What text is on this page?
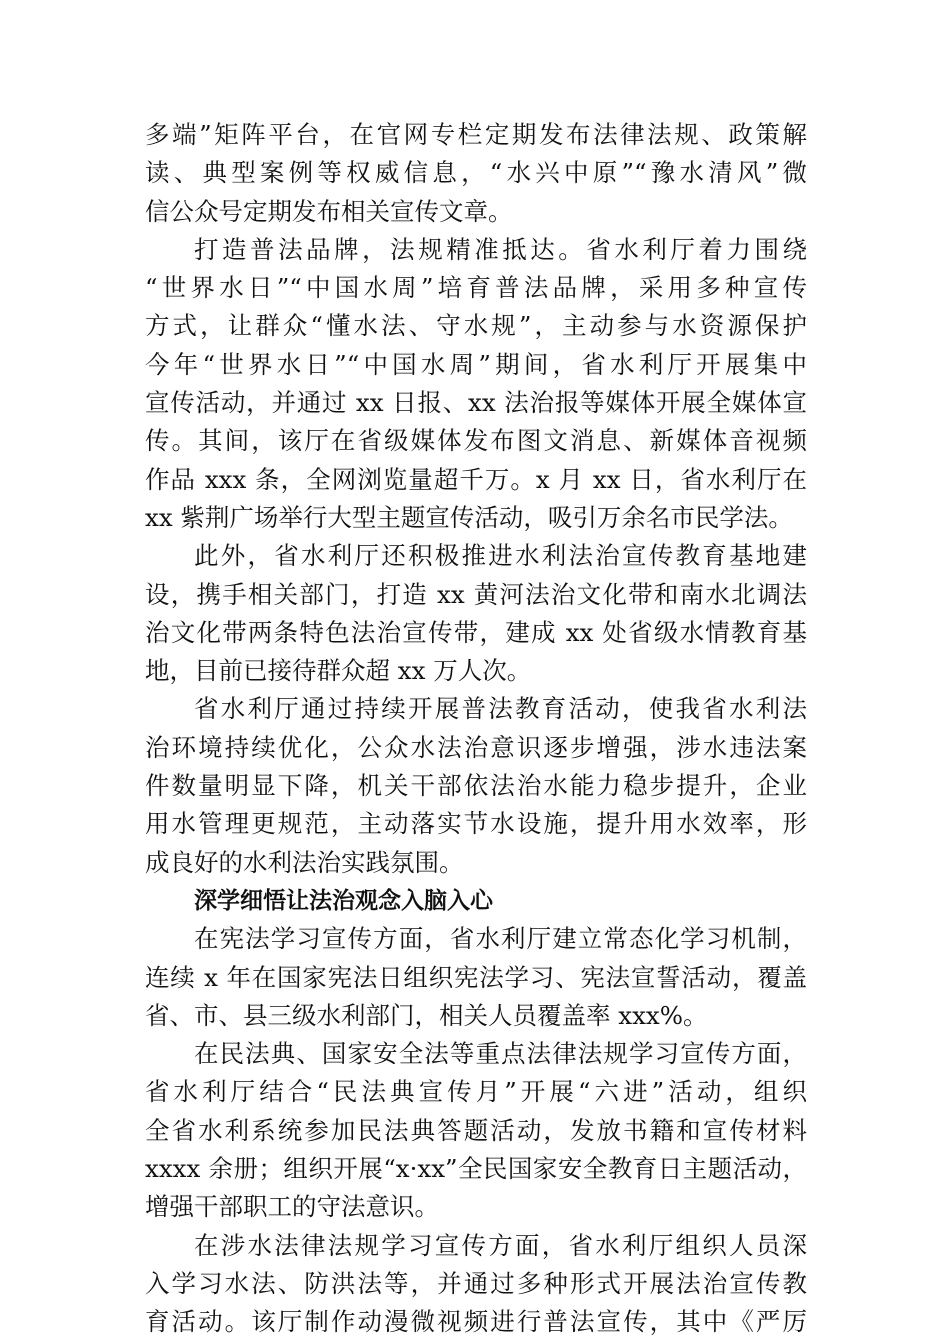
多端”矩阵平台，在官网专栏定期发布法律法规、政策解
读、典型案例等权威信息，“水兴中原”“豫水清风”微
信公众号定期发布相关宣传文章。
打造普法品牌，法规精准抵达。省水利厅着力围绕
“世界水日”“中国水周”培育普法品牌，采用多种宣传
方式，让群众“懂水法、守水规”，主动参与水资源保护
今年“世界水日”“中国水周”期间，省水利厅开展集中
宣传活动，并通过 xx 日报、xx 法治报等媒体开展全媒体宣
传。其间，该厅在省级媒体发布图文消息、新媒体音视频
作品 xxx 条，全网浏览量超千万。x 月 xx 日，省水利厅在
xx 紫荆广场举行大型主题宣传活动，吸引万余名市民学法。
此外，省水利厅还积极推进水利法治宣传教育基地建
设，携手相关部门，打造 xx 黄河法治文化带和南水北调法
治文化带两条特色法治宣传带，建成 xx 处省级水情教育基
地，目前已接待群众超 xx 万人次。
省水利厅通过持续开展普法教育活动，使我省水利法
治环境持续优化，公众水法治意识逐步增强，涉水违法案
件数量明显下降，机关干部依法治水能力稳步提升，企业
用水管理更规范，主动落实节水设施，提升用水效率，形
成良好的水利法治实践氛围。
深学细悟让法治观念入脑入心
在宪法学习宣传方面，省水利厅建立常态化学习机制，
连续 x 年在国家宪法日组织宪法学习、宪法宣誓活动，覆盖
省、市、县三级水利部门，相关人员覆盖率 xxx%。
在民法典、国家安全法等重点法律法规学习宣传方面，
省水利厅结合“民法典宣传月”开展“六进”活动，组织
全省水利系统参加民法典答题活动，发放书籍和宣传材料
xxxx 余册；组织开展“x·xx”全民国家安全教育日主题活动，
增强干部职工的守法意识。
在涉水法律法规学习宣传方面，省水利厅组织人员深
入学习水法、防洪法等，并通过多种形式开展法治宣传教
育活动。该厅制作动漫微视频进行普法宣传，其中《严厉
